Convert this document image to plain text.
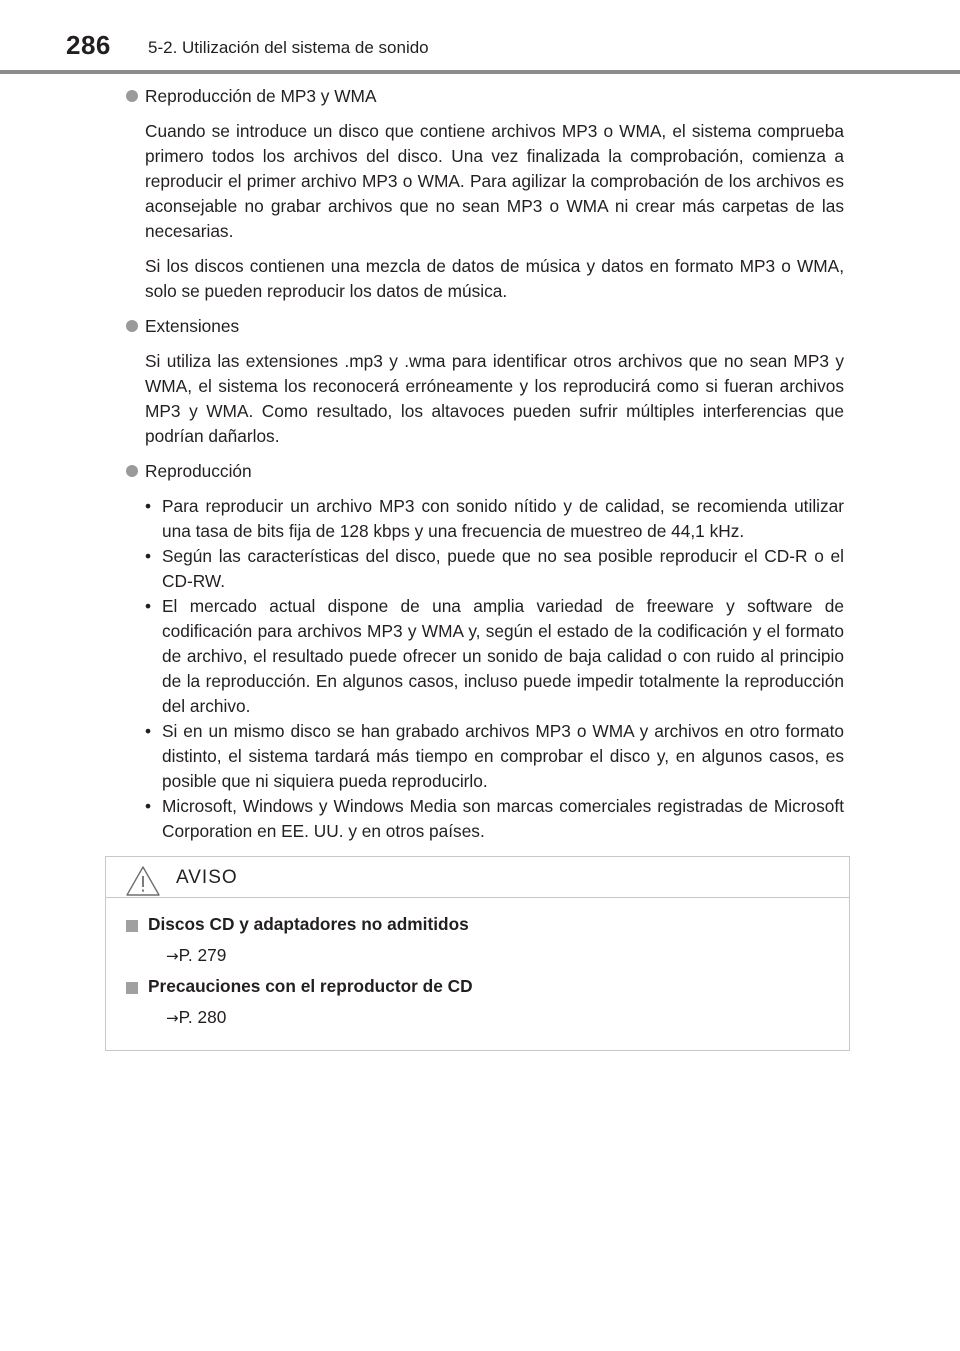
286 5-2. Utilización del sistema de sonido
Reproducción de MP3 y WMA

Cuando se introduce un disco que contiene archivos MP3 o WMA, el sistema comprueba primero todos los archivos del disco. Una vez finalizada la comprobación, comienza a reproducir el primer archivo MP3 o WMA. Para agilizar la comprobación de los archivos es aconsejable no grabar archivos que no sean MP3 o WMA ni crear más carpetas de las necesarias.

Si los discos contienen una mezcla de datos de música y datos en formato MP3 o WMA, solo se pueden reproducir los datos de música.

Extensiones

Si utiliza las extensiones .mp3 y .wma para identificar otros archivos que no sean MP3 y WMA, el sistema los reconocerá erróneamente y los reproducirá como si fueran archivos MP3 y WMA. Como resultado, los altavoces pueden sufrir múltiples interferencias que podrían dañarlos.

Reproducción
• Para reproducir un archivo MP3 con sonido nítido y de calidad, se recomienda utilizar una tasa de bits fija de 128 kbps y una frecuencia de muestreo de 44,1 kHz.
• Según las características del disco, puede que no sea posible reproducir el CD-R o el CD-RW.
• El mercado actual dispone de una amplia variedad de freeware y software de codificación para archivos MP3 y WMA y, según el estado de la codificación y el formato de archivo, el resultado puede ofrecer un sonido de baja calidad o con ruido al principio de la reproducción. En algunos casos, incluso puede impedir totalmente la reproducción del archivo.
• Si en un mismo disco se han grabado archivos MP3 o WMA y archivos en otro formato distinto, el sistema tardará más tiempo en comprobar el disco y, en algunos casos, es posible que ni siquiera pueda reproducirlo.
• Microsoft, Windows y Windows Media son marcas comerciales registradas de Microsoft Corporation en EE. UU. y en otros países.
AVISO
Discos CD y adaptadores no admitidos
→P. 279
Precauciones con el reproductor de CD
→P. 280
